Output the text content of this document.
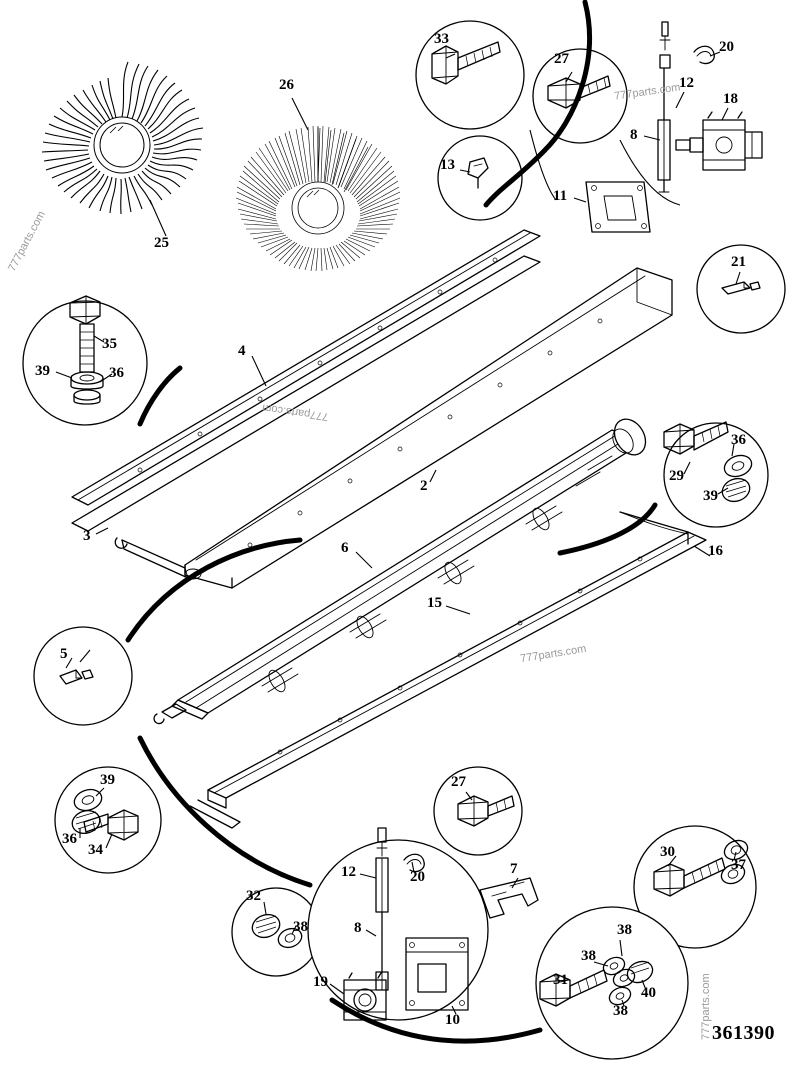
33
27
20
12
18
8
13
11
26
25
21
35
39	36
4
2
36
29
39
3
6	16
15
5
39
36
34
27
30
37
12	20	7
32
38	8	38
38
40
31
38
19
10
777parts.com
777parts.com
777parts.com
777parts.com
777parts.com 361390
